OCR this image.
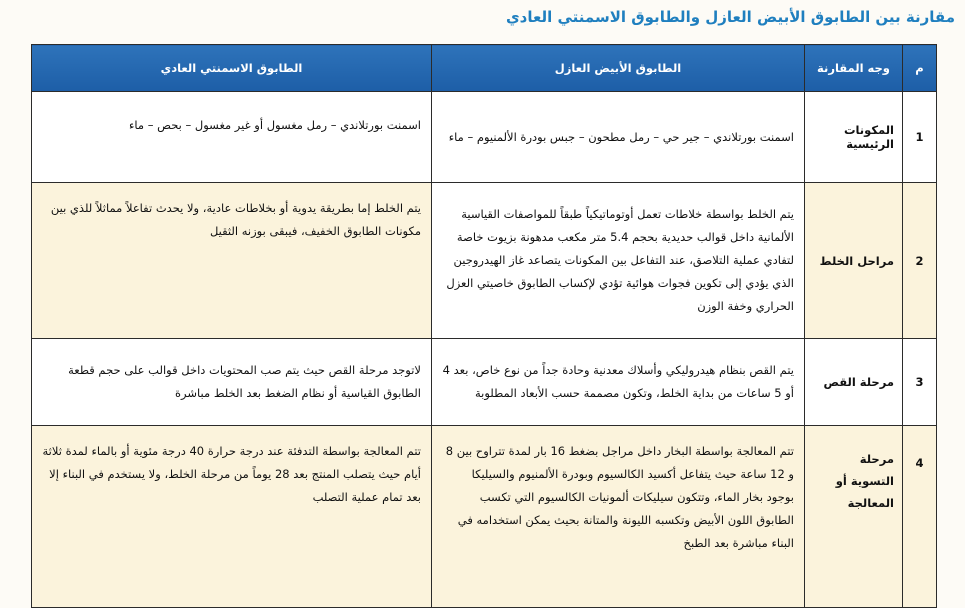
مقارنة بين الطابوق الأبيض العازل والطابوق الاسمنتي العادي
م	وجه المقارنة	الطابوق الأبيض العازل	الطابوق الاسمنتي العادي
1	المكونات الرئيسية	اسمنت بورتلاندي – جير حي – رمل مطحون – جبس بودرة الألمنيوم – ماء	اسمنت بورتلاندي – رمل مغسول أو غير مغسول – بحص – ماء
2	مراحل الخلط	يتم الخلط بواسطة خلاطات تعمل أوتوماتيكياً طبقاً للمواصفات القياسية الألمانية داخل قوالب حديدية بحجم 5.4 متر مكعب مدهونة بزيوت خاصة لتفادي عملية التلاصق، عند التفاعل بين المكونات يتصاعد غاز الهيدروجين الذي يؤدي إلى تكوين فجوات هوائية تؤدي لإكساب الطابوق خاصيتي العزل الحراري وخفة الوزن	يتم الخلط إما بطريقة يدوية أو بخلاطات عادية، ولا يحدث تفاعلاً مماثلاً للذي بين مكونات الطابوق الخفيف، فيبقى بوزنه الثقيل
3	مرحلة القص	يتم القص بنظام هيدروليكي وأسلاك معدنية وحادة جداً من نوع خاص، بعد 4 أو 5 ساعات من بداية الخلط، وتكون مصممة حسب الأبعاد المطلوبة	لاتوجد مرحلة القص حيث يتم صب المحتويات داخل قوالب على حجم قطعة الطابوق القياسية أو نظام الضغط بعد الخلط مباشرة
4	مرحلة التسوية أو المعالجة	تتم المعالجة بواسطة البخار داخل مراجل بضغط 16 بار لمدة تتراوح بين 8 و 12 ساعة حيث يتفاعل أكسيد الكالسيوم وبودرة الألمنيوم والسيليكا بوجود بخار الماء، وتتكون سيليكات ألمونيات الكالسيوم التي تكسب الطابوق اللون الأبيض وتكسبه الليونة والمتانة بحيث يمكن استخدامه في البناء مباشرة بعد الطبخ	تتم المعالجة بواسطة التدفئة عند درجة حرارة 40 درجة مئوية أو بالماء لمدة ثلاثة أيام حيث يتصلب المنتج بعد 28 يوماً من مرحلة الخلط، ولا يستخدم في البناء إلا بعد تمام عملية التصلب
